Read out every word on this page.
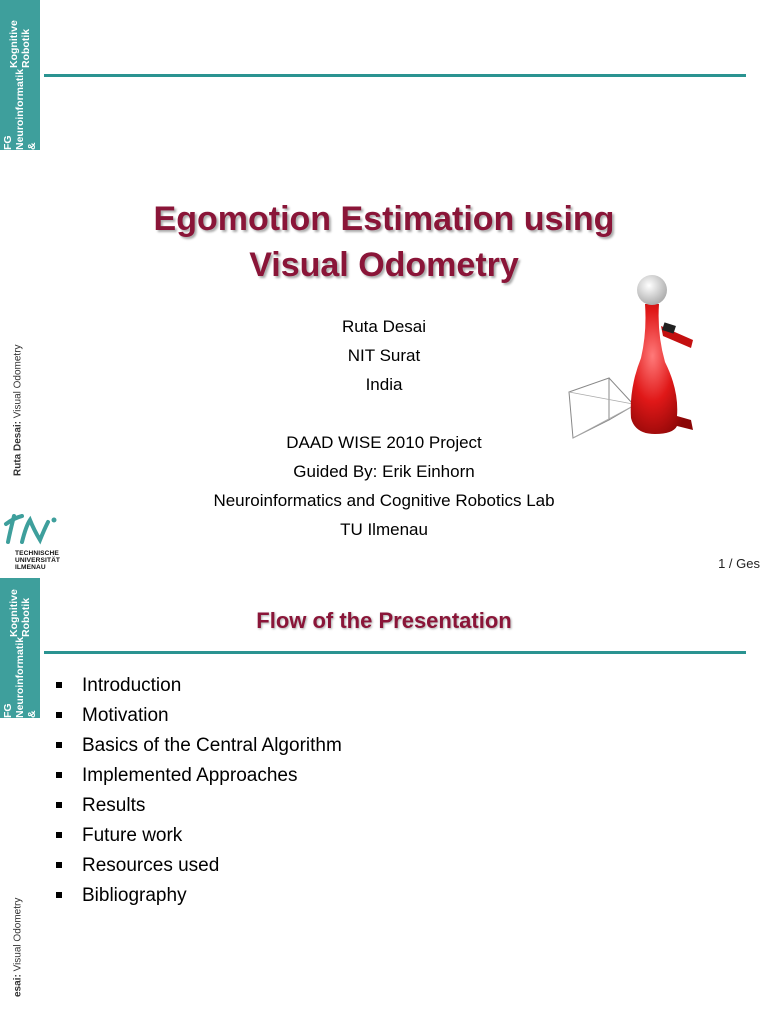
FG Neuroinformatik &
Kognitive Robotik
Ruta Desai: Visual Odometry
TECHNISCHE
UNIVERSITÄT
ILMENAU
Egomotion Estimation using
Visual Odometry
Ruta Desai
NIT Surat
India
DAAD WISE 2010 Project
Guided By: Erik Einhorn
Neuroinformatics and Cognitive Robotics Lab
TU Ilmenau
1 / Ges
FG Neuroinformatik &
Kognitive Robotik
esai: Visual Odometry
Flow of the Presentation
Introduction
Motivation
Basics of the Central Algorithm
Implemented Approaches
Results
Future work
Resources used
Bibliography
